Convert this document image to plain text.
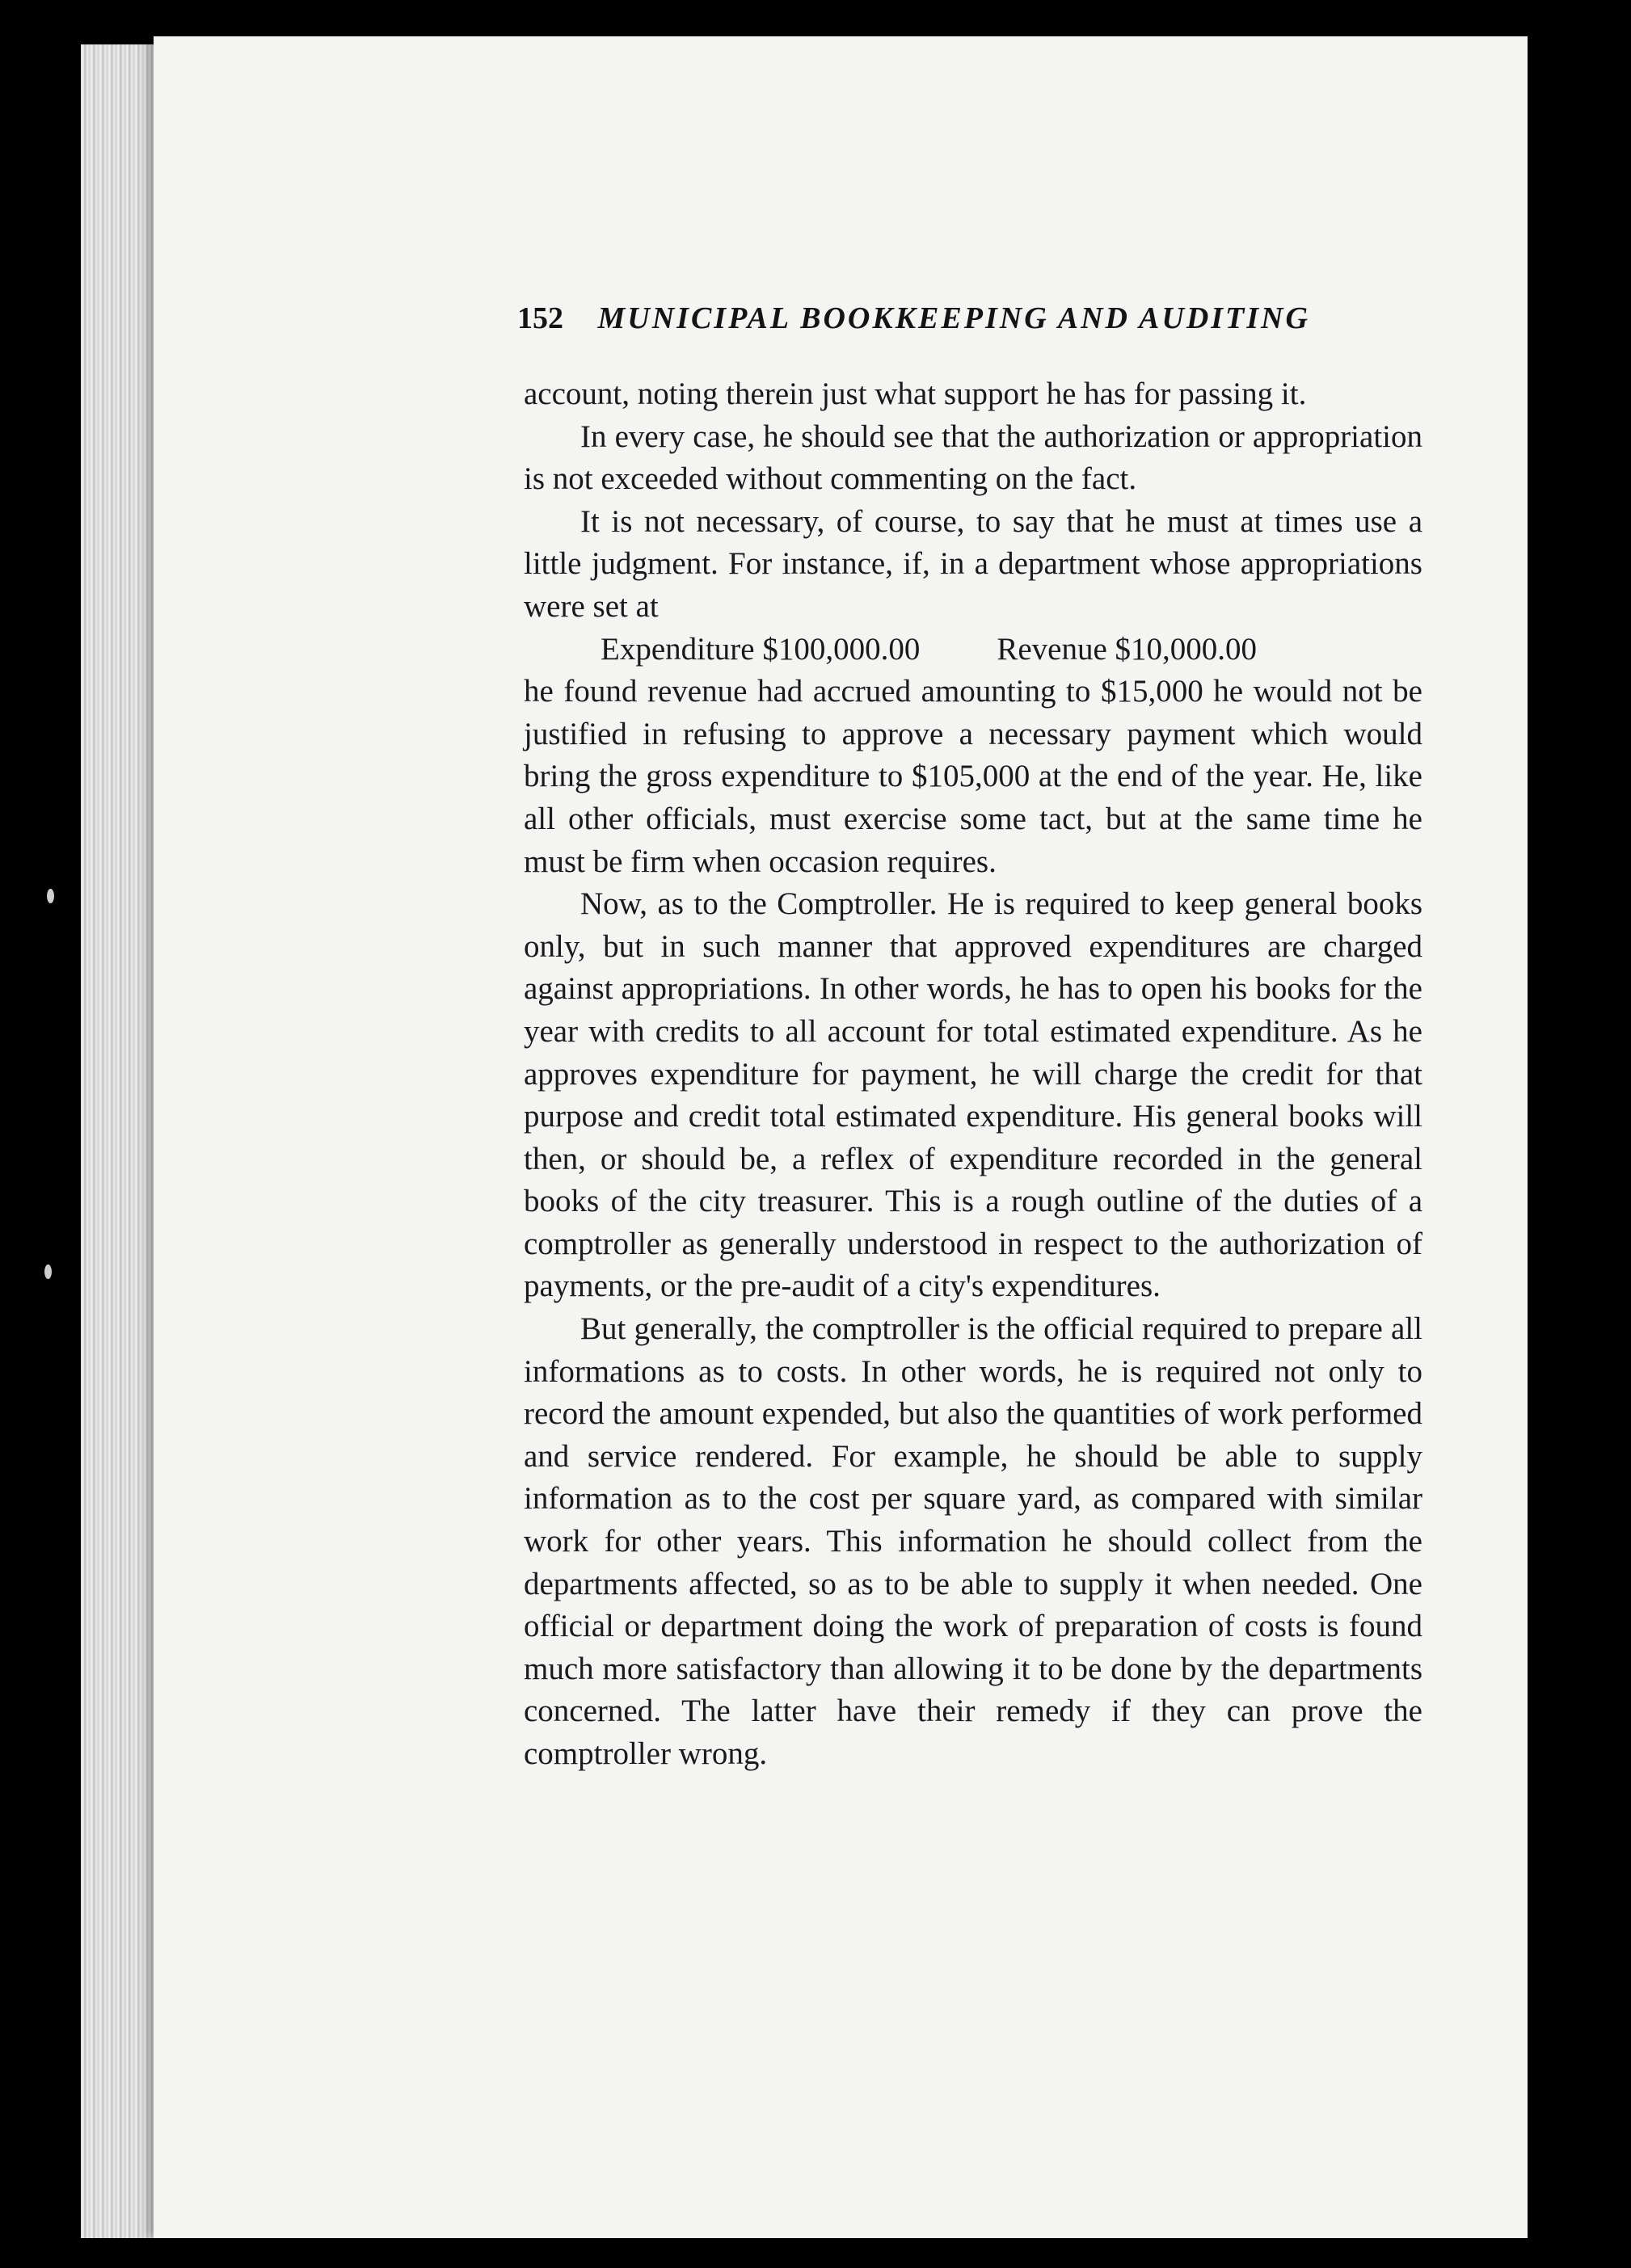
152 MUNICIPAL BOOKKEEPING AND AUDITING

account, noting therein just what support he has for passing it.

In every case, he should see that the authorization or appropriation is not exceeded without commenting on the fact.

It is not necessary, of course, to say that he must at times use a little judgment. For instance, if, in a department whose appropriations were set at

Expenditure $100,000.00 Revenue $10,000.00

he found revenue had accrued amounting to $15,000 he would not be justified in refusing to approve a necessary payment which would bring the gross expenditure to $105,000 at the end of the year. He, like all other officials, must exercise some tact, but at the same time he must be firm when occasion requires.

Now, as to the Comptroller. He is required to keep general books only, but in such manner that approved expenditures are charged against appropriations. In other words, he has to open his books for the year with credits to all account for total estimated expenditure. As he approves expenditure for payment, he will charge the credit for that purpose and credit total estimated expenditure. His general books will then, or should be, a reflex of expenditure recorded in the general books of the city treasurer. This is a rough outline of the duties of a comptroller as generally understood in respect to the authorization of payments, or the pre-audit of a city's expenditures.

But generally, the comptroller is the official required to prepare all informations as to costs. In other words, he is required not only to record the amount expended, but also the quantities of work performed and service rendered. For example, he should be able to supply information as to the cost per square yard, as compared with similar work for other years. This information he should collect from the departments affected, so as to be able to supply it when needed. One official or department doing the work of preparation of costs is found much more satisfactory than allowing it to be done by the departments concerned. The latter have their remedy if they can prove the comptroller wrong.
